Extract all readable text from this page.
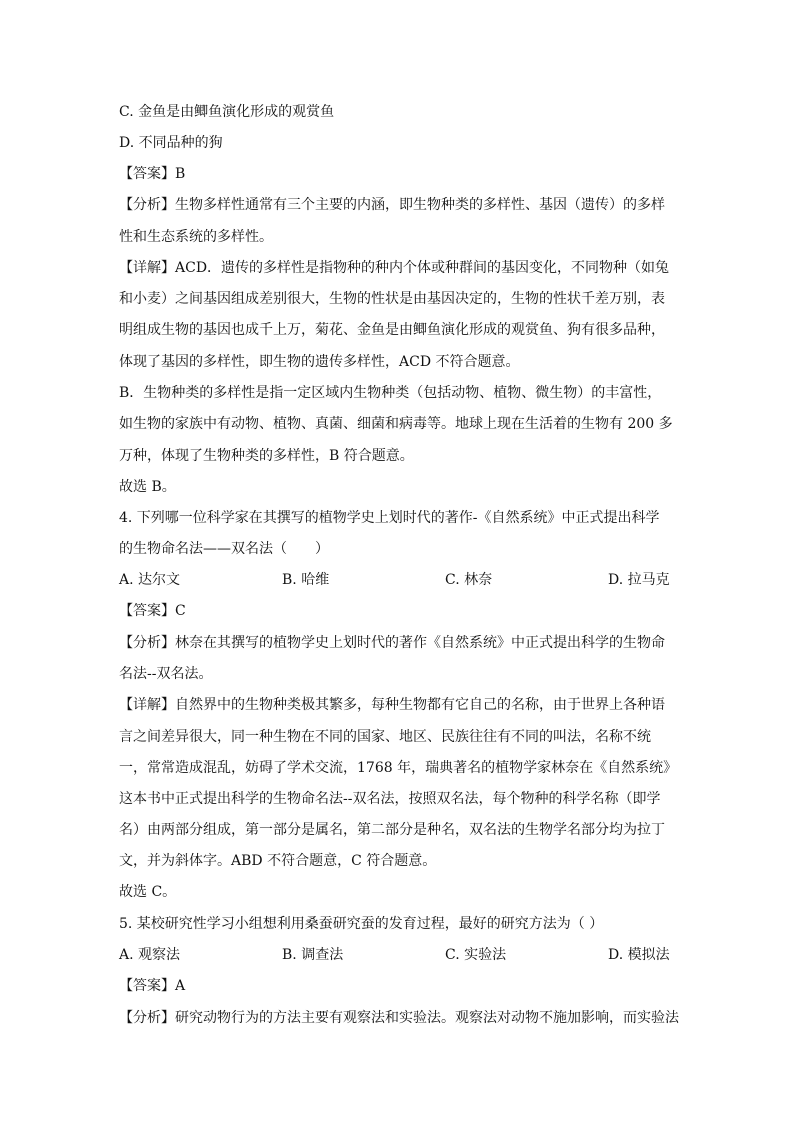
C. 金鱼是由鲫鱼演化形成的观赏鱼
D. 不同品种的狗
【答案】B
【分析】生物多样性通常有三个主要的内涵，即生物种类的多样性、基因（遗传）的多样
性和生态系统的多样性。
【详解】ACD．遗传的多样性是指物种的种内个体或种群间的基因变化，不同物种（如兔
和小麦）之间基因组成差别很大，生物的性状是由基因决定的，生物的性状千差万别，表
明组成生物的基因也成千上万，菊花、金鱼是由鲫鱼演化形成的观赏鱼、狗有很多品种，
体现了基因的多样性，即生物的遗传多样性，ACD 不符合题意。
B．生物种类的多样性是指一定区域内生物种类（包括动物、植物、微生物）的丰富性，
如生物的家族中有动物、植物、真菌、细菌和病毒等。地球上现在生活着的生物有 200 多
万种，体现了生物种类的多样性，B 符合题意。
故选 B。
4. 下列哪一位科学家在其撰写的植物学史上划时代的著作-《自然系统》中正式提出科学
的生物命名法——双名法（　　）
A. 达尔文	B. 哈维	C. 林奈	D. 拉马克
【答案】C
【分析】林奈在其撰写的植物学史上划时代的著作《自然系统》中正式提出科学的生物命
名法--双名法。
【详解】自然界中的生物种类极其繁多，每种生物都有它自己的名称，由于世界上各种语
言之间差异很大，同一种生物在不同的国家、地区、民族往往有不同的叫法，名称不统
一，常常造成混乱，妨碍了学术交流，1768 年，瑞典著名的植物学家林奈在《自然系统》
这本书中正式提出科学的生物命名法--双名法，按照双名法，每个物种的科学名称（即学
名）由两部分组成，第一部分是属名，第二部分是种名，双名法的生物学名部分均为拉丁
文，并为斜体字。ABD 不符合题意，C 符合题意。
故选 C。
5. 某校研究性学习小组想利用桑蚕研究蚕的发育过程，最好的研究方法为（ ）
A. 观察法	B. 调查法	C. 实验法	D. 模拟法
【答案】A
【分析】研究动物行为的方法主要有观察法和实验法。观察法对动物不施加影响，而实验法
